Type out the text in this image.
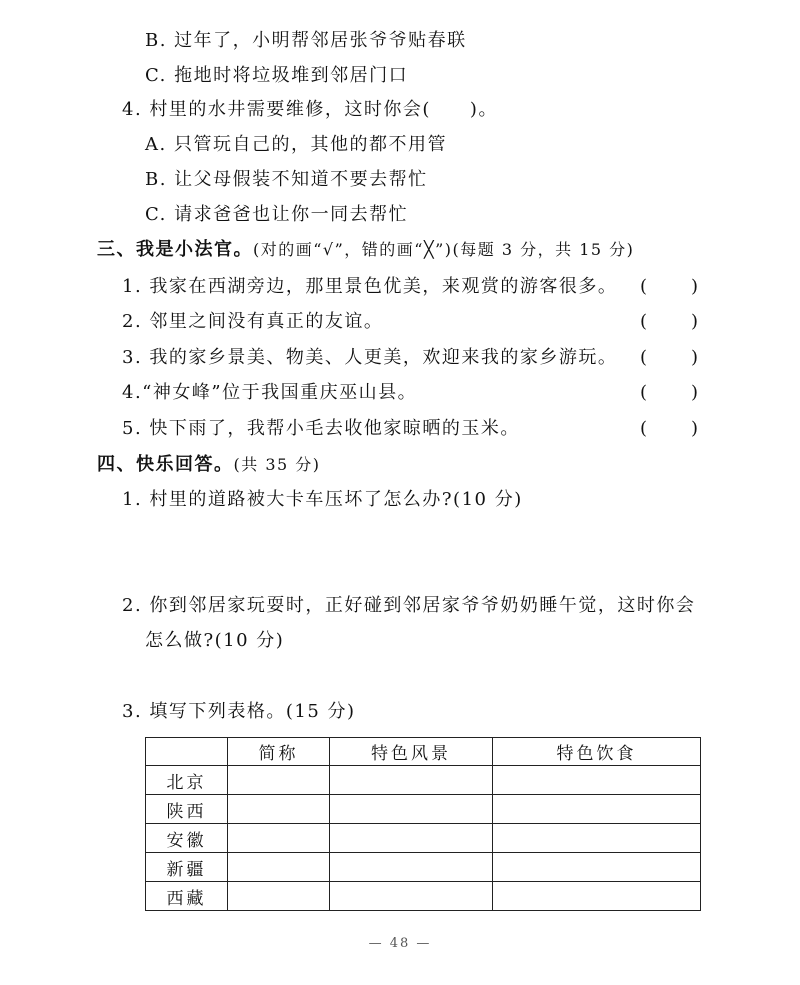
B. 过年了，小明帮邻居张爷爷贴春联
C. 拖地时将垃圾堆到邻居门口
4. 村里的水井需要维修，这时你会(　　)。
A. 只管玩自己的，其他的都不用管
B. 让父母假装不知道不要去帮忙
C. 请求爸爸也让你一同去帮忙
三、我是小法官。(对的画“√”，错的画“╳”)(每题 3 分，共 15 分)
1. 我家在西湖旁边，那里景色优美，来观赏的游客很多。 ( )
2. 邻里之间没有真正的友谊。	( )
3. 我的家乡景美、物美、人更美，欢迎来我的家乡游玩。 ( )
4.“神女峰”位于我国重庆巫山县。	( )
5. 快下雨了，我帮小毛去收他家晾晒的玉米。	( )
四、快乐回答。(共 35 分)
1. 村里的道路被大卡车压坏了怎么办?(10 分)
2. 你到邻居家玩耍时，正好碰到邻居家爷爷奶奶睡午觉，这时你会
怎么做?(10 分)
3. 填写下列表格。(15 分)
	简称	特色风景	特色饮食
北京			
陕西			
安徽			
新疆			
西藏			
— 48 —
